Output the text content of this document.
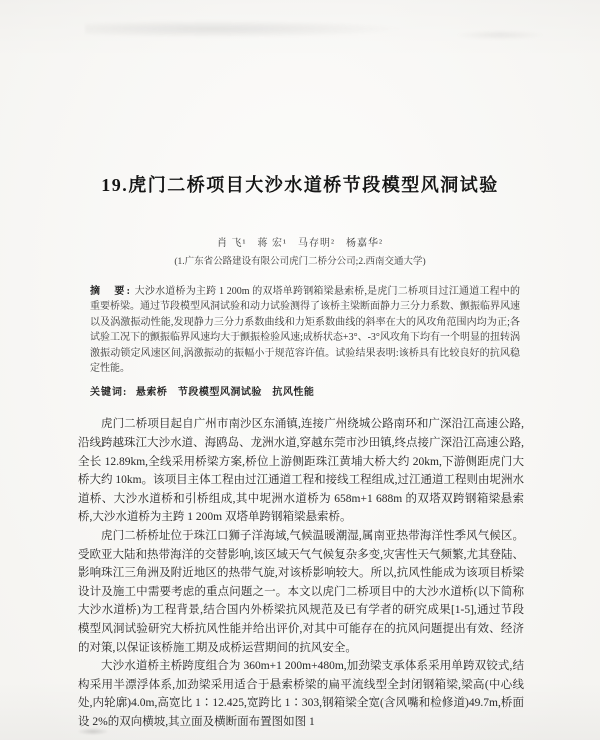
19.虎门二桥项目大沙水道桥节段模型风洞试验
肖 飞¹　蒋 宏¹　马存明²　杨嘉华²
(1.广东省公路建设有限公司虎门二桥分公司;2.西南交通大学)
摘　要: 大沙水道桥为主跨 1 200m 的双塔单跨钢箱梁悬索桥,是虎门二桥项目过江通道工程中的重要桥梁。通过节段模型风洞试验和动力试验测得了该桥主梁断面静力三分力系数、颤振临界风速以及涡激振动性能,发现静力三分力系数曲线和力矩系数曲线的斜率在大的风攻角范围内均为正;各试验工况下的颤振临界风速均大于颤振检验风速;成桥状态+3°、-3°风攻角下均有一个明显的扭转涡激振动锁定风速区间,涡激振动的振幅小于规范容许值。试验结果表明:该桥具有比较良好的抗风稳定性能。
关键词: 悬索桥　节段模型风洞试验　抗风性能

虎门二桥项目起自广州市南沙区东涌镇,连接广州绕城公路南环和广深沿江高速公路,沿线跨越珠江大沙水道、海鸥岛、龙洲水道,穿越东莞市沙田镇,终点接广深沿江高速公路,全长 12.89km,全线采用桥梁方案,桥位上游侧距珠江黄埔大桥大约 20km,下游侧距虎门大桥大约 10km。该项目主体工程由过江通道工程和接线工程组成,过江通道工程则由坭洲水道桥、大沙水道桥和引桥组成,其中坭洲水道桥为 658m+1 688m 的双塔双跨钢箱梁悬索桥,大沙水道桥为主跨 1 200m 双塔单跨钢箱梁悬索桥。

虎门二桥桥址位于珠江口狮子洋海域,气候温暖潮湿,属南亚热带海洋性季风气候区。受欧亚大陆和热带海洋的交替影响,该区域天气气候复杂多变,灾害性天气频繁,尤其登陆、影响珠江三角洲及附近地区的热带气旋,对该桥影响较大。所以,抗风性能成为该项目桥梁设计及施工中需要考虑的重点问题之一。本文以虎门二桥项目中的大沙水道桥(以下简称大沙水道桥)为工程背景,结合国内外桥梁抗风规范及已有学者的研究成果[1-5],通过节段模型风洞试验研究大桥抗风性能并给出评价,对其中可能存在的抗风问题提出有效、经济的对策,以保证该桥施工期及成桥运营期间的抗风安全。

大沙水道桥主桥跨度组合为 360m+1 200m+480m,加劲梁支承体系采用单跨双铰式,结构采用半漂浮体系,加劲梁采用适合于悬索桥梁的扁平流线型全封闭钢箱梁,梁高(中心线处,内轮廓)4.0m,高宽比 1∶12.425,宽跨比 1∶303,钢箱梁全宽(含风嘴和检修道)49.7m,桥面设 2%的双向横坡,其立面及横断面布置图如图 1
